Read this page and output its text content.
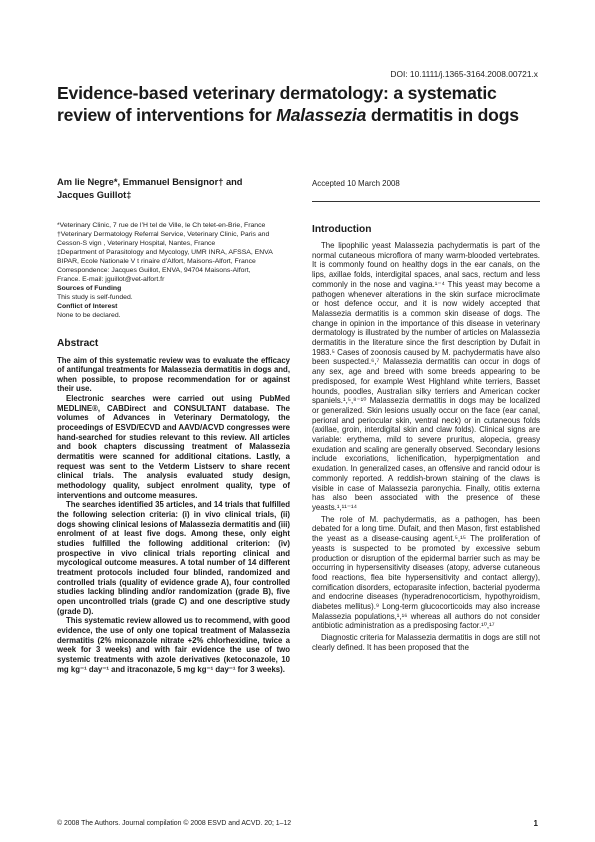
DOI: 10.1111/j.1365-3164.2008.00721.x
Evidence-based veterinary dermatology: a systematic
review of interventions for Malassezia dermatitis in dogs

Am lie Negre*, Emmanuel Bensignor† and
Jacques Guillot‡

*Veterinary Clinic, 7 rue de l’H tel de Ville, le Ch telet-en-Brie, France
†Veterinary Dermatology Referral Service, Veterinary Clinic, Paris and
Cesson-S vign , Veterinary Hospital, Nantes, France
‡Department of Parasitology and Mycology, UMR INRA, AFSSA, ENVA
BIPAR, Ecole Nationale V t rinaire d’Alfort, Maisons-Alfort, France
Correspondence: Jacques Guillot, ENVA, 94704 Maisons-Alfort,
France. E-mail: jguillot@vet-alfort.fr
Sources of Funding
This study is self-funded.
Conflict of Interest
None to be declared.
Abstract

The aim of this systematic review was to evaluate the efficacy of antifungal treatments for Malassezia dermatitis in dogs and, when possible, to propose recommendation for or against their use.

Electronic searches were carried out using PubMed MEDLINE®, CABDirect and CONSULTANT database. The volumes of Advances in Veterinary Dermatology, the proceedings of ESVD/ECVD and AAVD/ACVD congresses were hand-searched for studies relevant to this review. All articles and book chapters discussing treatment of Malassezia dermatitis were scanned for additional citations. Lastly, a request was sent to the Vetderm Listserv to share recent clinical trials. The analysis evaluated study design, methodology quality, subject enrolment quality, type of interventions and outcome measures.

The searches identified 35 articles, and 14 trials that fulfilled the following selection criteria: (i) in vivo clinical trials, (ii) dogs showing clinical lesions of Malassezia dermatitis and (iii) enrolment of at least five dogs. Among these, only eight studies fulfilled the following additional criterion: (iv) prospective in vivo clinical trials reporting clinical and mycological outcome measures. A total number of 14 different treatment protocols included four blinded, randomized and controlled trials (quality of evidence grade A), four controlled studies lacking blinding and/or randomization (grade B), five open uncontrolled trials (grade C) and one descriptive study (grade D).

This systematic review allowed us to recommend, with good evidence, the use of only one topical treatment of Malassezia dermatitis (2% miconazole nitrate +2% chlorhexidine, twice a week for 3 weeks) and with fair evidence the use of two systemic treatments with azole derivatives (ketoconazole, 10 mg kg⁻¹ day⁻¹ and itraconazole, 5 mg kg⁻¹ day⁻¹ for 3 weeks).

Accepted 10 March 2008
Introduction

The lipophilic yeast Malassezia pachydermatis is part of the normal cutaneous microflora of many warm-blooded vertebrates. It is commonly found on healthy dogs in the ear canals, on the lips, axillae folds, interdigital spaces, anal sacs, rectum and less commonly in the nose and vagina.¹⁻⁴ This yeast may become a pathogen whenever alterations in the skin surface microclimate or host defence occur, and it is now widely accepted that Malassezia dermatitis is a common skin disease of dogs. The change in opinion in the importance of this disease in veterinary dermatology is illustrated by the number of articles on Malassezia dermatitis in the literature since the first description by Dufait in 1983.⁵ Cases of zoonosis caused by M. pachydermatis have also been suspected.⁶,⁷ Malassezia dermatitis can occur in dogs of any sex, age and breed with some breeds appearing to be predisposed, for example West Highland white terriers, Basset hounds, poodles, Australian silky terriers and American cocker spaniels.¹,⁵,⁸⁻¹⁰ Malassezia dermatitis in dogs may be localized or generalized. Skin lesions usually occur on the face (ear canal, perioral and periocular skin, ventral neck) or in cutaneous folds (axillae, groin, interdigital skin and claw folds). Clinical signs are variable: erythema, mild to severe pruritus, alopecia, greasy exudation and scaling are generally observed. Secondary lesions include excoriations, lichenification, hyperpigmentation and exudation. In generalized cases, an offensive and rancid odour is commonly reported. A reddish-brown staining of the claws is visible in case of Malassezia paronychia. Finally, otitis externa has also been associated with the presence of these yeasts.¹,¹¹⁻¹⁴

The role of M. pachydermatis, as a pathogen, has been debated for a long time. Dufait, and then Mason, first established the yeast as a disease-causing agent.⁵,¹⁵ The proliferation of yeasts is suspected to be promoted by excessive sebum production or disruption of the epidermal barrier such as may be occurring in hypersensitivity diseases (atopy, adverse cutaneous food reactions, flea bite hypersensitivity and contact allergy), cornification disorders, ectoparasite infection, bacterial pyoderma and endocrine diseases (hyperadrenocorticism, hypothyroidism, diabetes mellitus).⁹ Long-term glucocorticoids may also increase Malassezia populations,¹,¹⁶ whereas all authors do not consider antibiotic administration as a predisposing factor.¹⁰,¹⁷

Diagnostic criteria for Malassezia dermatitis in dogs are still not clearly defined. It has been proposed that the

© 2008 The Authors. Journal compilation © 2008 ESVD and ACVD. 20; 1–12	1
